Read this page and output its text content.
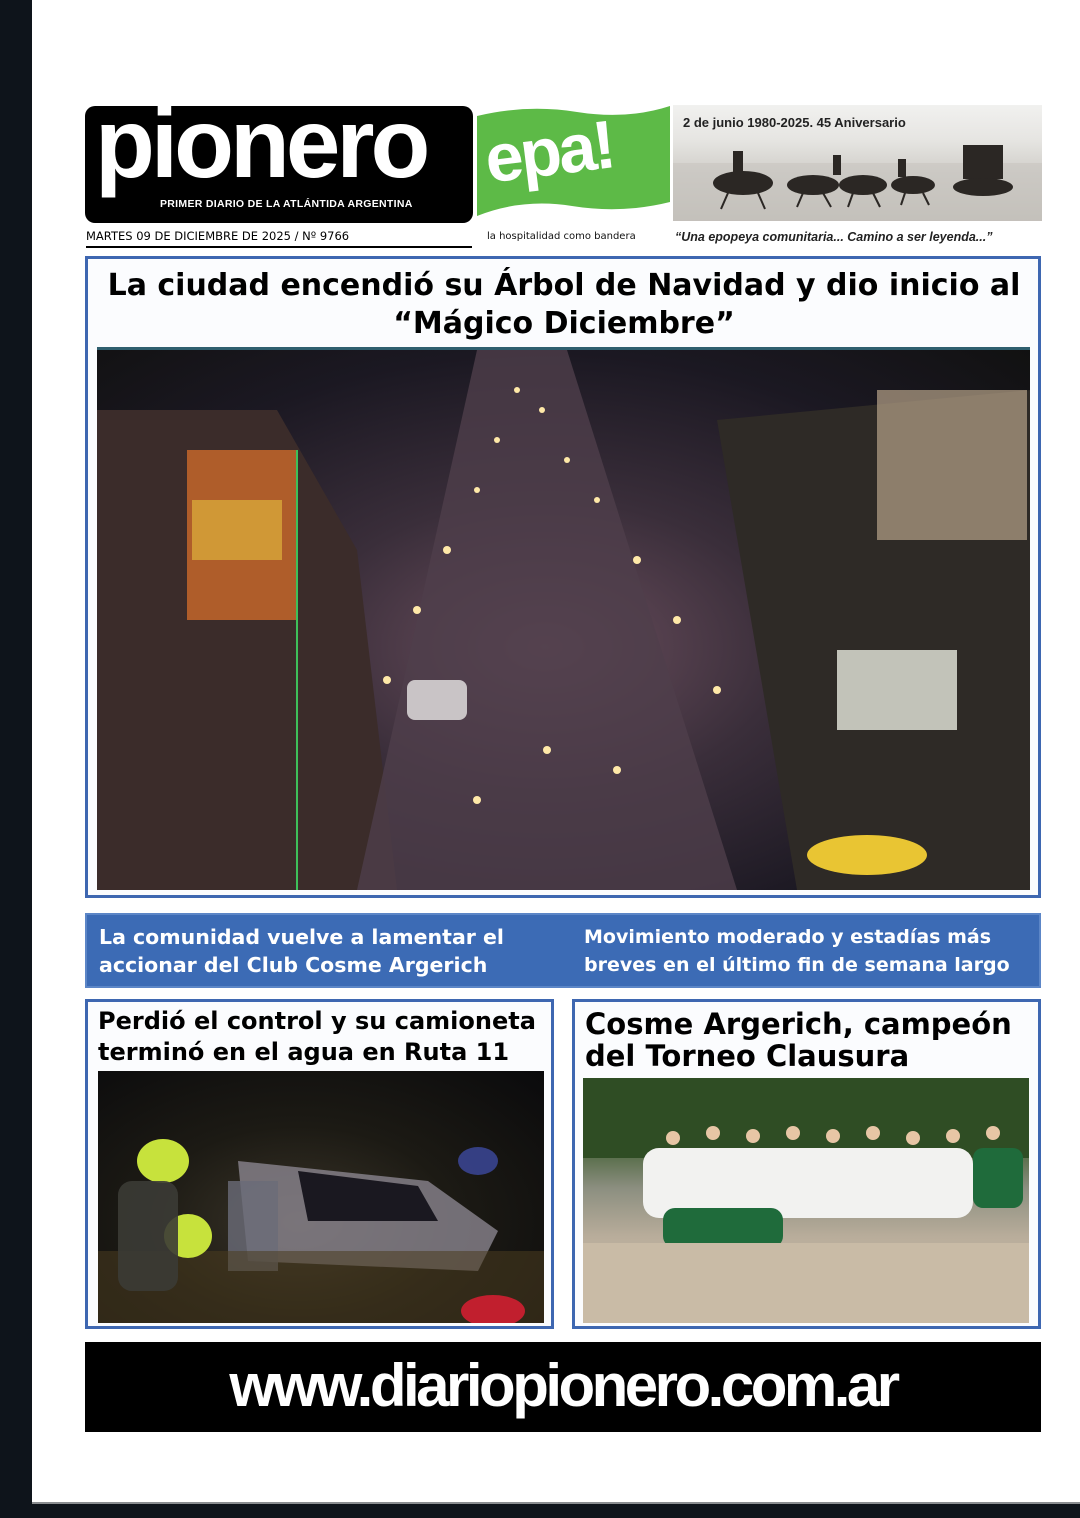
pionero
PRIMER DIARIO DE LA ATLÁNTIDA ARGENTINA
MARTES 09 DE DICIEMBRE DE 2025 / Nº 9766
epa!
la hospitalidad como bandera
2 de junio 1980-2025. 45 Aniversario
“Una epopeya comunitaria... Camino a ser leyenda...”
La ciudad encendió su Árbol de Navidad y dio inicio al “Mágico Diciembre”
La comunidad vuelve a lamentar el accionar del Club Cosme Argerich
Movimiento moderado y estadías más breves en el último fin de semana largo
Perdió el control y su camioneta terminó en el agua en Ruta 11
Cosme Argerich, campeón del Torneo Clausura
www.diariopionero.com.ar
